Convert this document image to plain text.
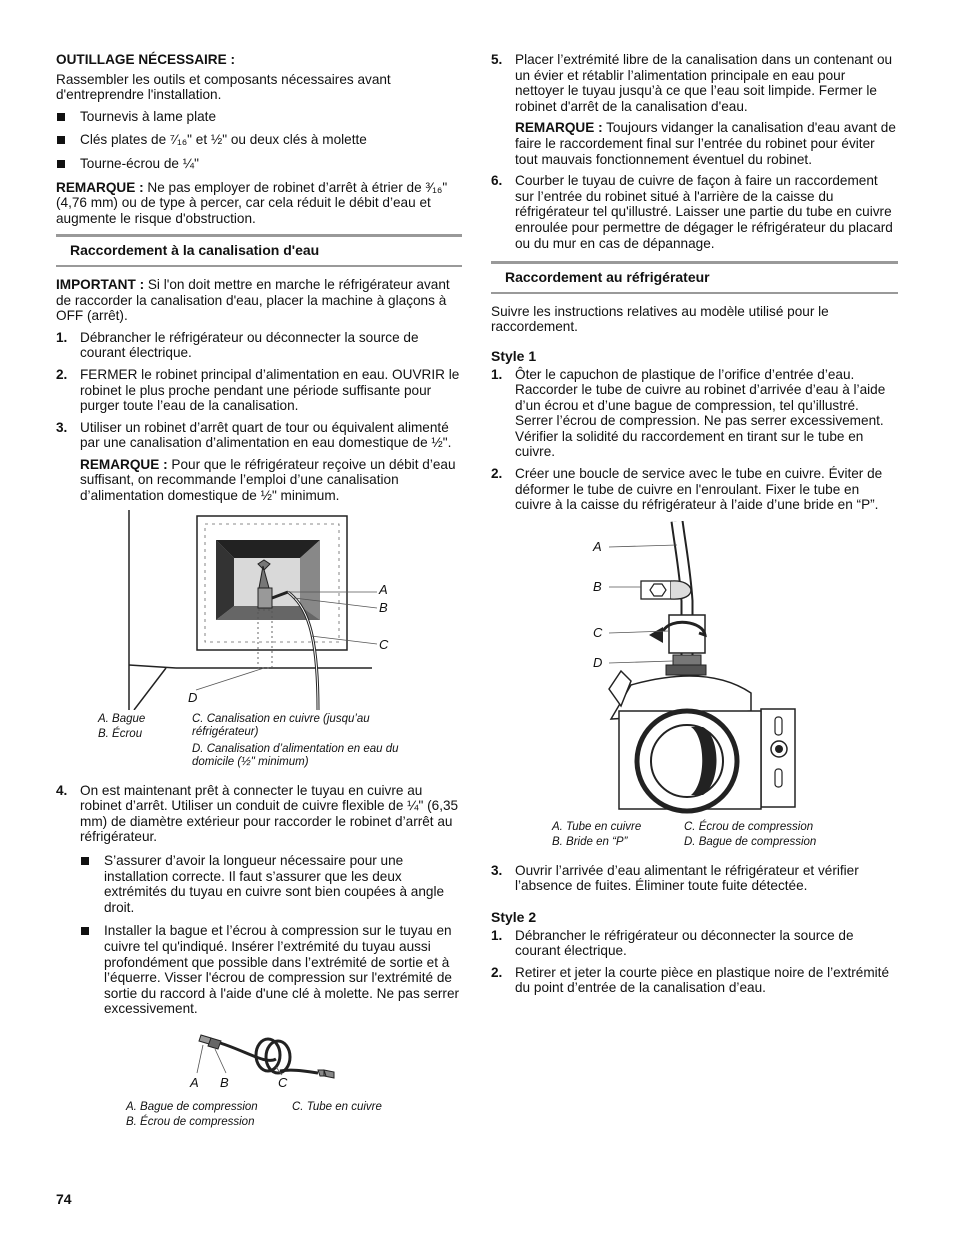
OUTILLAGE NÉCESSAIRE :

Rassembler les outils et composants nécessaires avant d'entreprendre l'installation.

Tournevis à lame plate
Clés plates de ⁷⁄₁₆" et ½" ou deux clés à molette
Tourne-écrou de ¼"

REMARQUE : Ne pas employer de robinet d’arrêt à étrier de ³⁄₁₆" (4,76 mm) ou de type à percer, car cela réduit le débit d’eau et augmente le risque d'obstruction.

Raccordement à la canalisation d'eau

IMPORTANT : Si l'on doit mettre en marche le réfrigérateur avant de raccorder la canalisation d'eau, placer la machine à glaçons à OFF (arrêt).

1. Débrancher le réfrigérateur ou déconnecter la source de courant électrique.
2. FERMER le robinet principal d’alimentation en eau. OUVRIR le robinet le plus proche pendant une période suffisante pour purger toute l’eau de la canalisation.
3. Utiliser un robinet d’arrêt quart de tour ou équivalent alimenté par une canalisation d’alimentation en eau domestique de ½".

REMARQUE : Pour que le réfrigérateur reçoive un débit d’eau suffisant, on recommande l’emploi d’une canalisation d’alimentation domestique de ½" minimum.

A
B
C
D
A. Bague
B. Écrou
C. Canalisation en cuivre (jusqu’au réfrigérateur)
D. Canalisation d’alimentation en eau du domicile (½" minimum)
4. On est maintenant prêt à connecter le tuyau en cuivre au robinet d’arrêt. Utiliser un conduit de cuivre flexible de ¼" (6,35 mm) de diamètre extérieur pour raccorder le robinet d’arrêt au réfrigérateur.
S’assurer d’avoir la longueur nécessaire pour une installation correcte. Il faut s’assurer que les deux extrémités du tuyau en cuivre sont bien coupées à angle droit.
Installer la bague et l’écrou à compression sur le tuyau en cuivre tel qu'indiqué. Insérer l’extrémité du tuyau aussi profondément que possible dans l’extrémité de sortie et à l’équerre. Visser l'écrou de compression sur l'extrémité de sortie du raccord à l'aide d'une clé à molette. Ne pas serrer excessivement.
A B	C
A. Bague de compression
B. Écrou de compression
C. Tube en cuivre
5. Placer l’extrémité libre de la canalisation dans un contenant ou un évier et rétablir l’alimentation principale en eau pour nettoyer le tuyau jusqu’à ce que l’eau soit limpide. Fermer le robinet d'arrêt de la canalisation d'eau.

REMARQUE : Toujours vidanger la canalisation d'eau avant de faire le raccordement final sur l’entrée du robinet pour éviter tout mauvais fonctionnement éventuel du robinet.

6. Courber le tuyau de cuivre de façon à faire un raccordement sur l’entrée du robinet situé à l'arrière de la caisse du réfrigérateur tel qu'illustré. Laisser une partie du tube en cuivre enroulée pour permettre de dégager le réfrigérateur du placard ou du mur en cas de dépannage.
Raccordement au réfrigérateur

Suivre les instructions relatives au modèle utilisé pour le raccordement.

Style 1
1. Ôter le capuchon de plastique de l’orifice d’entrée d’eau. Raccorder le tube de cuivre au robinet d’arrivée d’eau à l’aide d’un écrou et d’une bague de compression, tel qu’illustré. Serrer l’écrou de compression. Ne pas serrer excessivement. Vérifier la solidité du raccordement en tirant sur le tube en cuivre.
2. Créer une boucle de service avec le tube en cuivre. Éviter de déformer le tube de cuivre en l'enroulant. Fixer le tube en cuivre à la caisse du réfrigérateur à l’aide d’une bride en “P”.
A
B
C
D
A. Tube en cuivre
B. Bride en “P”
C. Écrou de compression
D. Bague de compression
3. Ouvrir l’arrivée d’eau alimentant le réfrigérateur et vérifier l’absence de fuites. Éliminer toute fuite détectée.
Style 2
1. Débrancher le réfrigérateur ou déconnecter la source de courant électrique.
2. Retirer et jeter la courte pièce en plastique noire de l’extrémité du point d’entrée de la canalisation d’eau.
74
